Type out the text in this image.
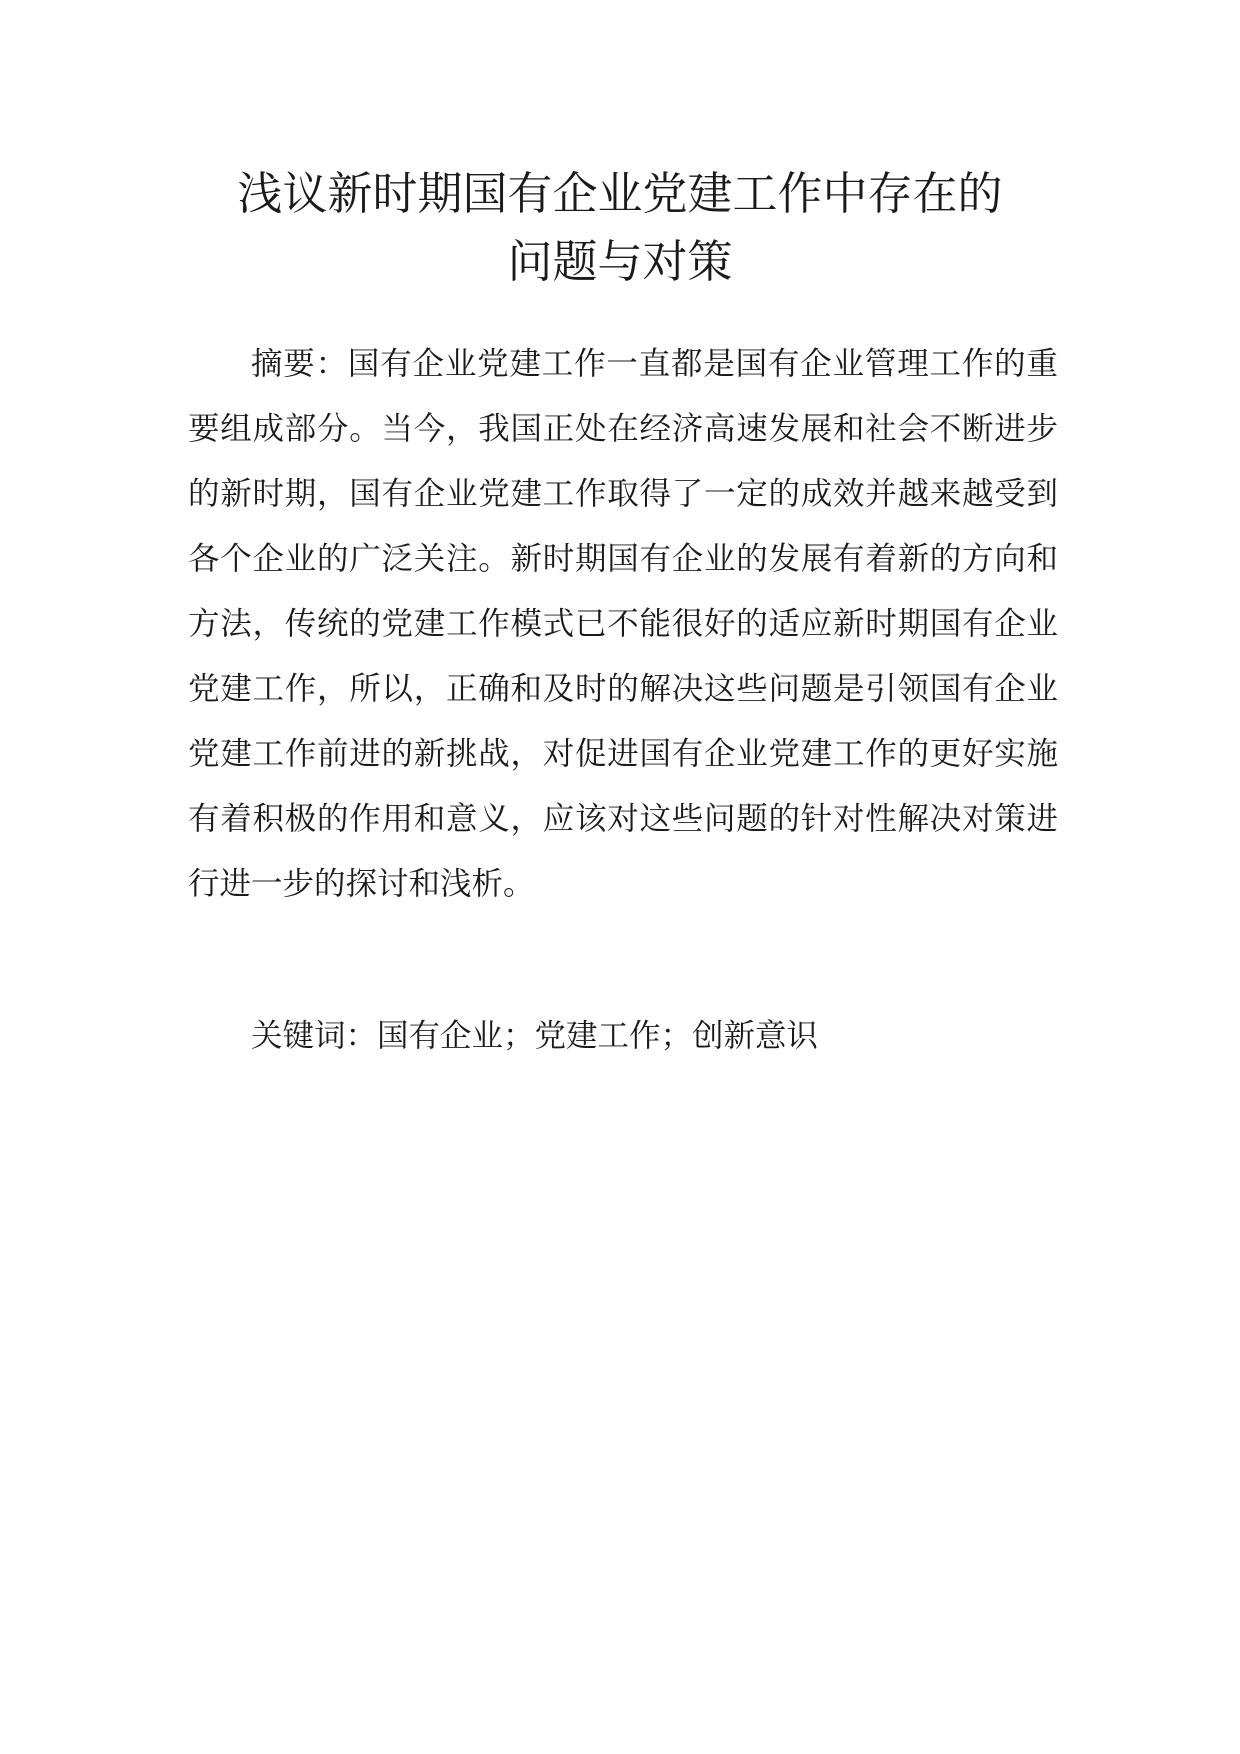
浅议新时期国有企业党建工作中存在的
问题与对策

摘要：国有企业党建工作一直都是国有企业管理工作的重要组成部分。当今，我国正处在经济高速发展和社会不断进步的新时期，国有企业党建工作取得了一定的成效并越来越受到各个企业的广泛关注。新时期国有企业的发展有着新的方向和方法，传统的党建工作模式已不能很好的适应新时期国有企业党建工作，所以，正确和及时的解决这些问题是引领国有企业党建工作前进的新挑战，对促进国有企业党建工作的更好实施有着积极的作用和意义，应该对这些问题的针对性解决对策进行进一步的探讨和浅析。

关键词：国有企业；党建工作；创新意识
